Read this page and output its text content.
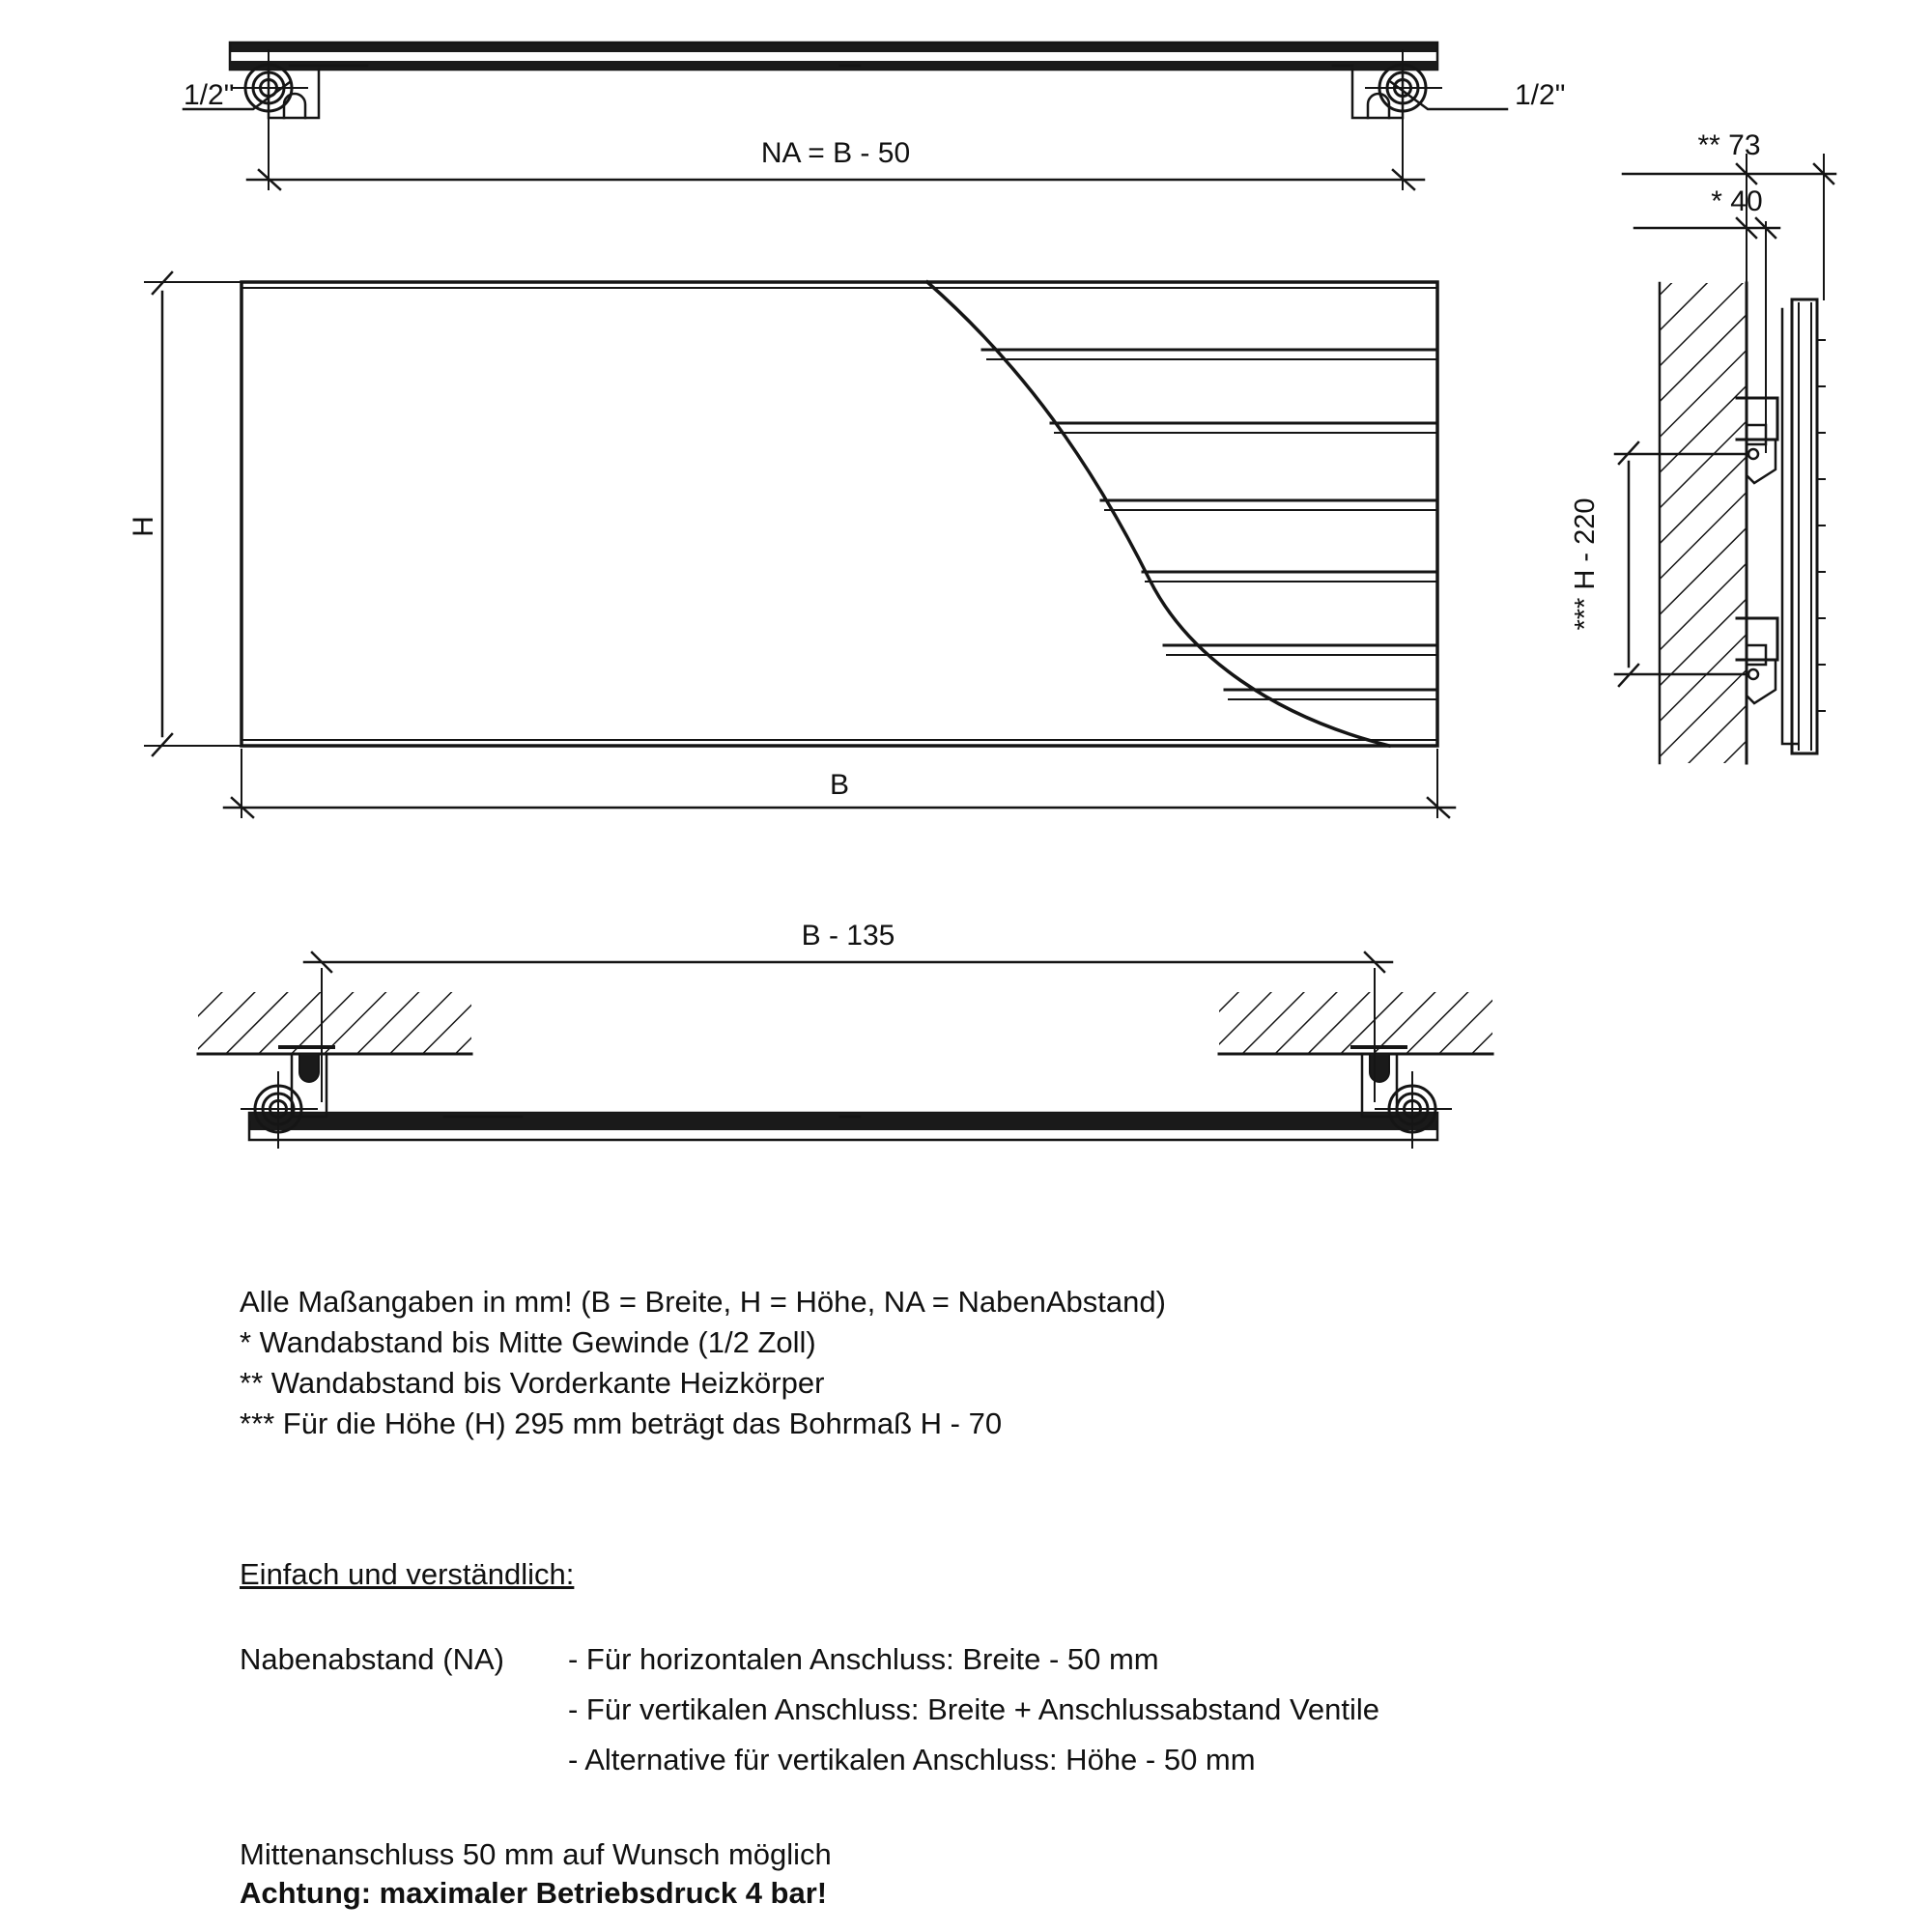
1/2"	1/2"
NA = B - 50
H
B
** 73
* 40
*** H - 220
B - 135
Alle Maßangaben in mm! (B = Breite, H = Höhe, NA = NabenAbstand)
* Wandabstand bis Mitte Gewinde (1/2 Zoll)
** Wandabstand bis Vorderkante Heizkörper
*** Für die Höhe (H) 295 mm beträgt das Bohrmaß H - 70
Einfach und verständlich:
Nabenabstand (NA) - Für horizontalen Anschluss: Breite - 50 mm
- Für vertikalen Anschluss: Breite + Anschlussabstand Ventile
- Alternative für vertikalen Anschluss: Höhe - 50 mm
Mittenanschluss 50 mm auf Wunsch möglich
Achtung: maximaler Betriebsdruck 4 bar!
